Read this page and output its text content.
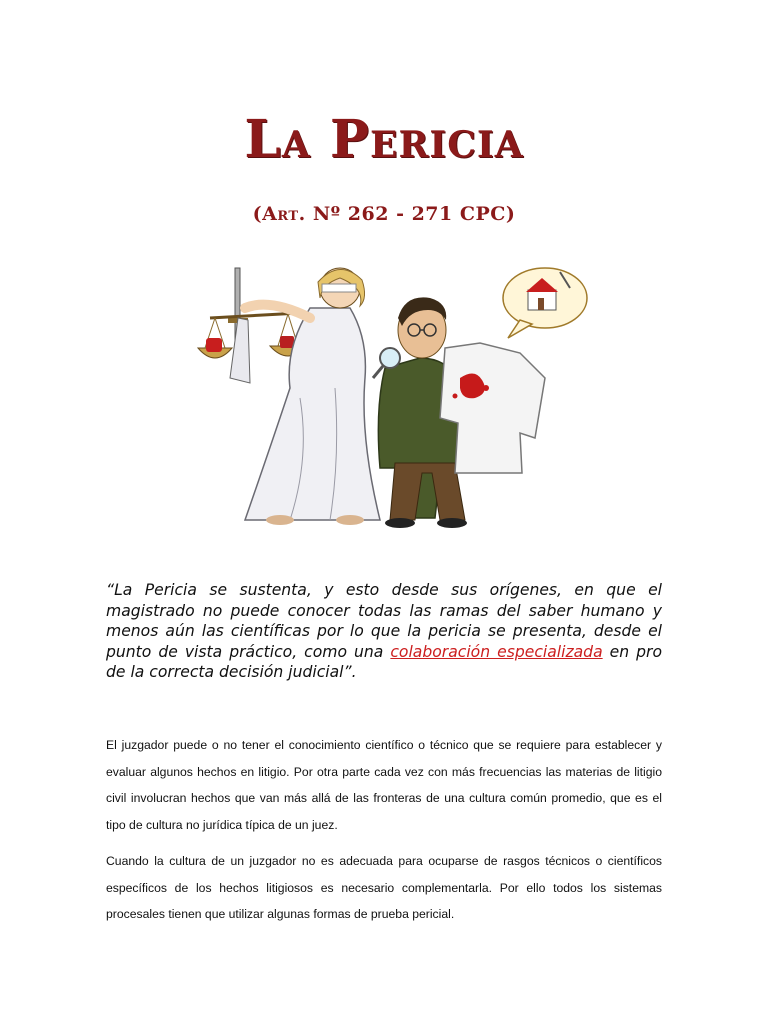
La Pericia
(Art. Nº 262 - 271 CPC)

“La Pericia se sustenta, y esto desde sus orígenes, en que el magistrado no puede conocer todas las ramas del saber humano y menos aún las científicas por lo que la pericia se presenta, desde el punto de vista práctico, como una colaboración especializada en pro de la correcta decisión judicial”.

El juzgador puede o no tener el conocimiento científico o técnico que se requiere para establecer y evaluar algunos hechos en litigio. Por otra parte cada vez con más frecuencias las materias de litigio civil involucran hechos que van más allá de las fronteras de una cultura común promedio, que es el tipo de cultura no jurídica típica de un juez.

Cuando la cultura de un juzgador no es adecuada para ocuparse de rasgos técnicos o científicos específicos de los hechos litigiosos es necesario complementarla. Por ello todos los sistemas procesales tienen que utilizar algunas formas de prueba pericial.
